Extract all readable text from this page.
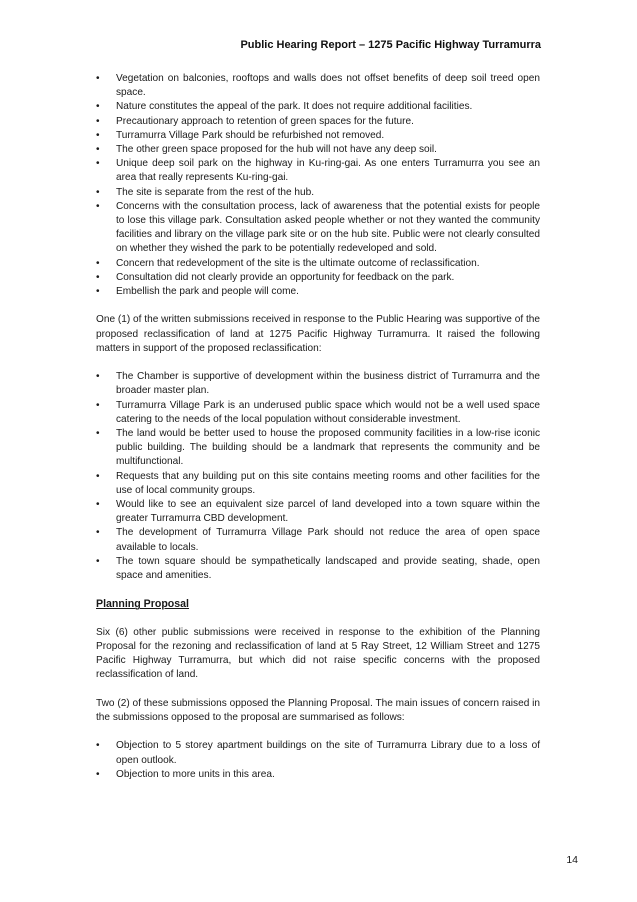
Public Hearing Report – 1275 Pacific Highway Turramurra
• Vegetation on balconies, rooftops and walls does not offset benefits of deep soil treed open space.
• Nature constitutes the appeal of the park. It does not require additional facilities.
• Precautionary approach to retention of green spaces for the future.
• Turramurra Village Park should be refurbished not removed.
• The other green space proposed for the hub will not have any deep soil.
• Unique deep soil park on the highway in Ku-ring-gai. As one enters Turramurra you see an area that really represents Ku-ring-gai.
• The site is separate from the rest of the hub.
• Concerns with the consultation process, lack of awareness that the potential exists for people to lose this village park. Consultation asked people whether or not they wanted the community facilities and library on the village park site or on the hub site. Public were not clearly consulted on whether they wished the park to be potentially redeveloped and sold.
• Concern that redevelopment of the site is the ultimate outcome of reclassification.
• Consultation did not clearly provide an opportunity for feedback on the park.
• Embellish the park and people will come.

One (1) of the written submissions received in response to the Public Hearing was supportive of the proposed reclassification of land at 1275 Pacific Highway Turramurra. It raised the following matters in support of the proposed reclassification:

• The Chamber is supportive of development within the business district of Turramurra and the broader master plan.
• Turramurra Village Park is an underused public space which would not be a well used space catering to the needs of the local population without considerable investment.
• The land would be better used to house the proposed community facilities in a low-rise iconic public building. The building should be a landmark that represents the community and be multifunctional.
• Requests that any building put on this site contains meeting rooms and other facilities for the use of local community groups.
• Would like to see an equivalent size parcel of land developed into a town square within the greater Turramurra CBD development.
• The development of Turramurra Village Park should not reduce the area of open space available to locals.
• The town square should be sympathetically landscaped and provide seating, shade, open space and amenities.

Planning Proposal

Six (6) other public submissions were received in response to the exhibition of the Planning Proposal for the rezoning and reclassification of land at 5 Ray Street, 12 William Street and 1275 Pacific Highway Turramurra, but which did not raise specific concerns with the proposed reclassification of land.

Two (2) of these submissions opposed the Planning Proposal. The main issues of concern raised in the submissions opposed to the proposal are summarised as follows:

• Objection to 5 storey apartment buildings on the site of Turramurra Library due to a loss of open outlook.
• Objection to more units in this area.
14
